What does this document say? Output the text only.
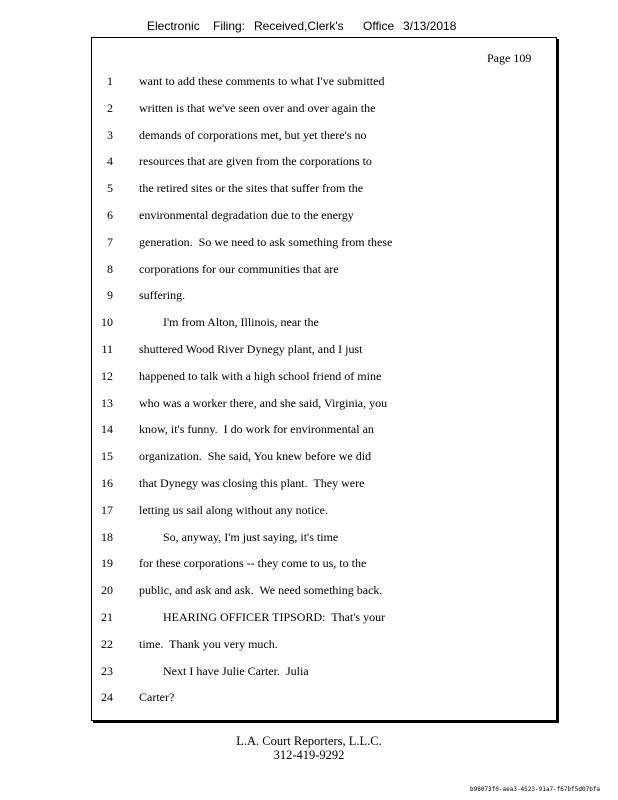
Electronic Filing: Received,Clerk's Office 3/13/2018
Page 109
1 want to add these comments to what I've submitted
2 written is that we've seen over and over again the
3 demands of corporations met, but yet there's no
4 resources that are given from the corporations to
5 the retired sites or the sites that suffer from the
6 environmental degradation due to the energy
7 generation.  So we need to ask something from these
8 corporations for our communities that are
9 suffering.
10 I'm from Alton, Illinois, near the
11 shuttered Wood River Dynegy plant, and I just
12 happened to talk with a high school friend of mine
13 who was a worker there, and she said, Virginia, you
14 know, it's funny.  I do work for environmental an
15 organization.  She said, You knew before we did
16 that Dynegy was closing this plant.  They were
17 letting us sail along without any notice.
18 So, anyway, I'm just saying, it's time
19 for these corporations -- they come to us, to the
20 public, and ask and ask.  We need something back.
21 HEARING OFFICER TIPSORD:  That's your
22 time.  Thank you very much.
23 Next I have Julie Carter.  Julia
24 Carter?
L.A. Court Reporters, L.L.C.
312-419-9292
b98073f0-aea3-4523-91a7-f67bf5d07bfa
